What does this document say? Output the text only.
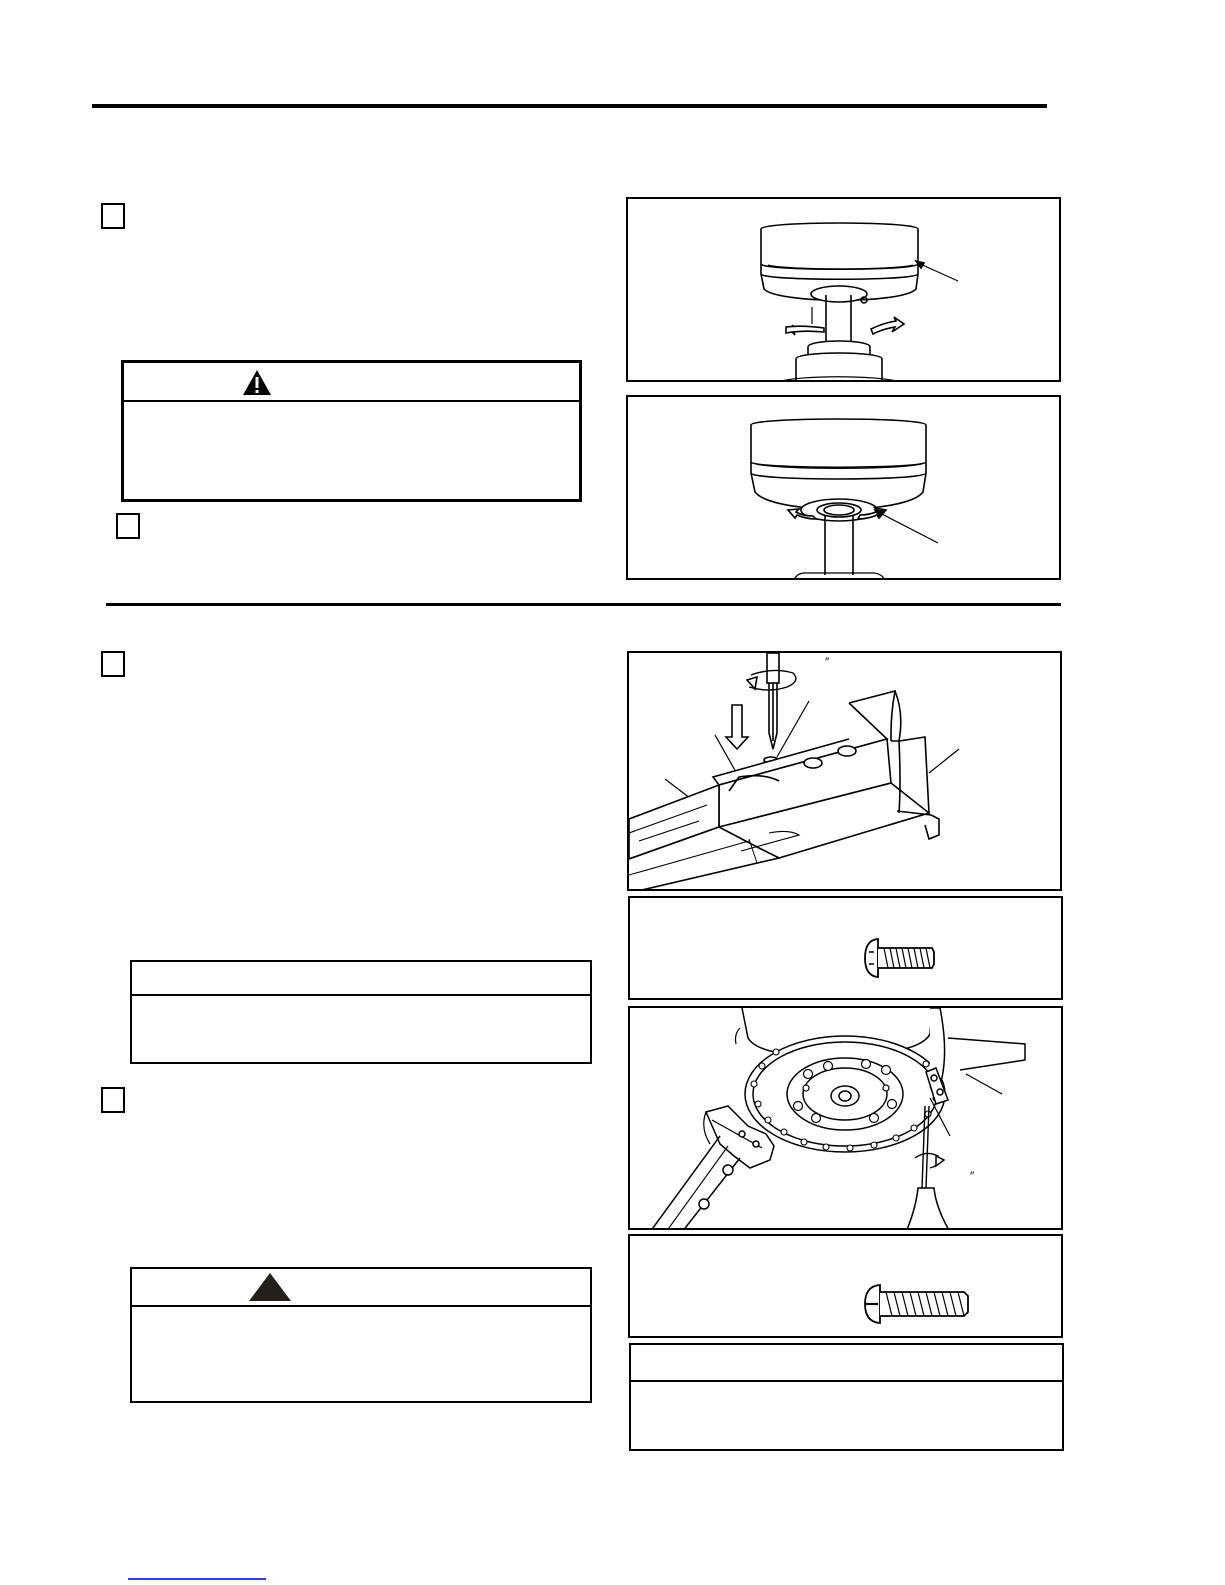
″
″
